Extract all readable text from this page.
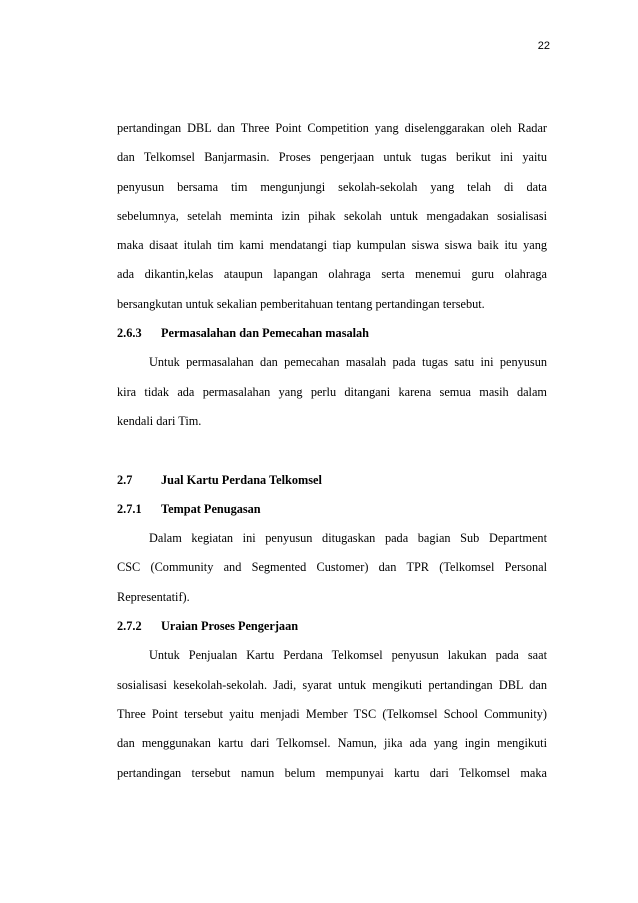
22
pertandingan DBL dan Three Point Competition yang diselenggarakan oleh Radar
dan Telkomsel Banjarmasin. Proses pengerjaan untuk tugas berikut ini yaitu
penyusun bersama tim mengunjungi sekolah-sekolah yang telah di data
sebelumnya, setelah meminta izin pihak sekolah untuk mengadakan sosialisasi
maka disaat itulah tim kami mendatangi tiap kumpulan siswa siswa baik itu yang
ada dikantin,kelas ataupun lapangan olahraga serta menemui guru olahraga
bersangkutan untuk sekalian pemberitahuan tentang pertandingan tersebut.
2.6.3 Permasalahan dan Pemecahan masalah
Untuk permasalahan dan pemecahan masalah pada tugas satu ini penyusun
kira tidak ada permasalahan yang perlu ditangani karena semua masih dalam
kendali dari Tim.
2.7 Jual Kartu Perdana Telkomsel
2.7.1 Tempat Penugasan
Dalam kegiatan ini penyusun ditugaskan pada bagian Sub Department
CSC (Community and Segmented Customer) dan TPR (Telkomsel Personal
Representatif).
2.7.2 Uraian Proses Pengerjaan
Untuk Penjualan Kartu Perdana Telkomsel penyusun lakukan pada saat
sosialisasi kesekolah-sekolah. Jadi, syarat untuk mengikuti pertandingan DBL dan
Three Point tersebut yaitu menjadi Member TSC (Telkomsel School Community)
dan menggunakan kartu dari Telkomsel. Namun, jika ada yang ingin mengikuti
pertandingan tersebut namun belum mempunyai kartu dari Telkomsel maka
